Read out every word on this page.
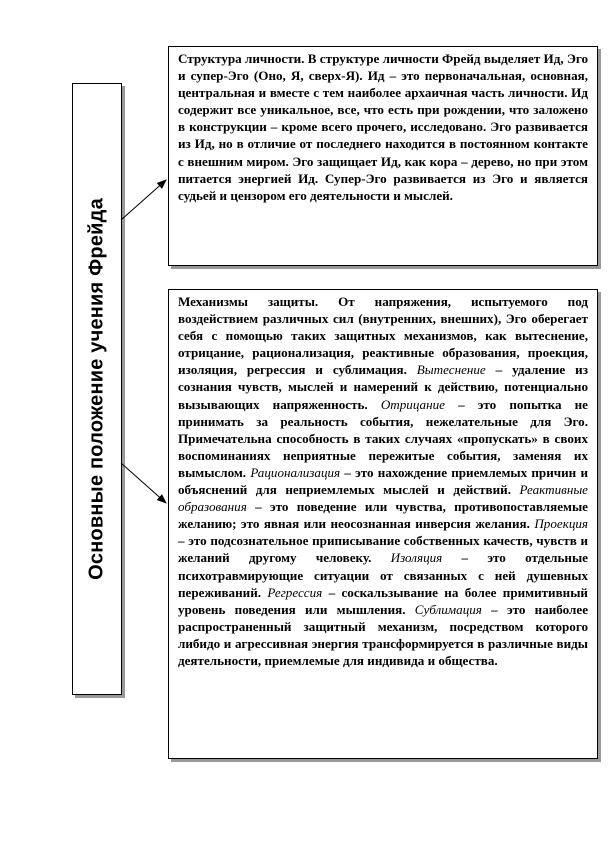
Основные положение учения Фрейда
Структура личности. В структуре личности Фрейд выделяет Ид, Эго и супер-Эго (Оно, Я, сверх-Я). Ид – это первоначальная, основная, центральная и вместе с тем наиболее архаичная часть личности. Ид содержит все уникальное, все, что есть при рождении, что заложено в конструкции – кроме всего прочего, исследовано. Эго развивается из Ид, но в отличие от последнего находится в постоянном контакте с внешним миром. Эго защищает Ид, как кора – дерево, но при этом питается энергией Ид. Супер-Эго развивается из Эго и является судьей и цензором его деятельности и мыслей.
Механизмы защиты. От напряжения, испытуемого под воздействием различных сил (внутренних, внешних), Эго оберегает себя с помощью таких защитных механизмов, как вытеснение, отрицание, рационализация, реактивные образования, проекция, изоляция, регрессия и сублимация. Вытеснение – удаление из сознания чувств, мыслей и намерений к действию, потенциально вызывающих напряженность. Отрицание – это попытка не принимать за реальность события, нежелательные для Эго. Примечательна способность в таких случаях «пропускать» в своих воспоминаниях неприятные пережитые события, заменяя их вымыслом. Рационализация – это нахождение приемлемых причин и объяснений для неприемлемых мыслей и действий. Реактивные образования – это поведение или чувства, противопоставляемые желанию; это явная или неосознанная инверсия желания. Проекция – это подсознательное приписывание собственных качеств, чувств и желаний другому человеку. Изоляция – это отдельные психотравмирующие ситуации от связанных с ней душевных переживаний. Регрессия – соскальзывание на более примитивный уровень поведения или мышления. Сублимация – это наиболее распространенный защитный механизм, посредством которого либидо и агрессивная энергия трансформируется в различные виды деятельности, приемлемые для индивида и общества.
